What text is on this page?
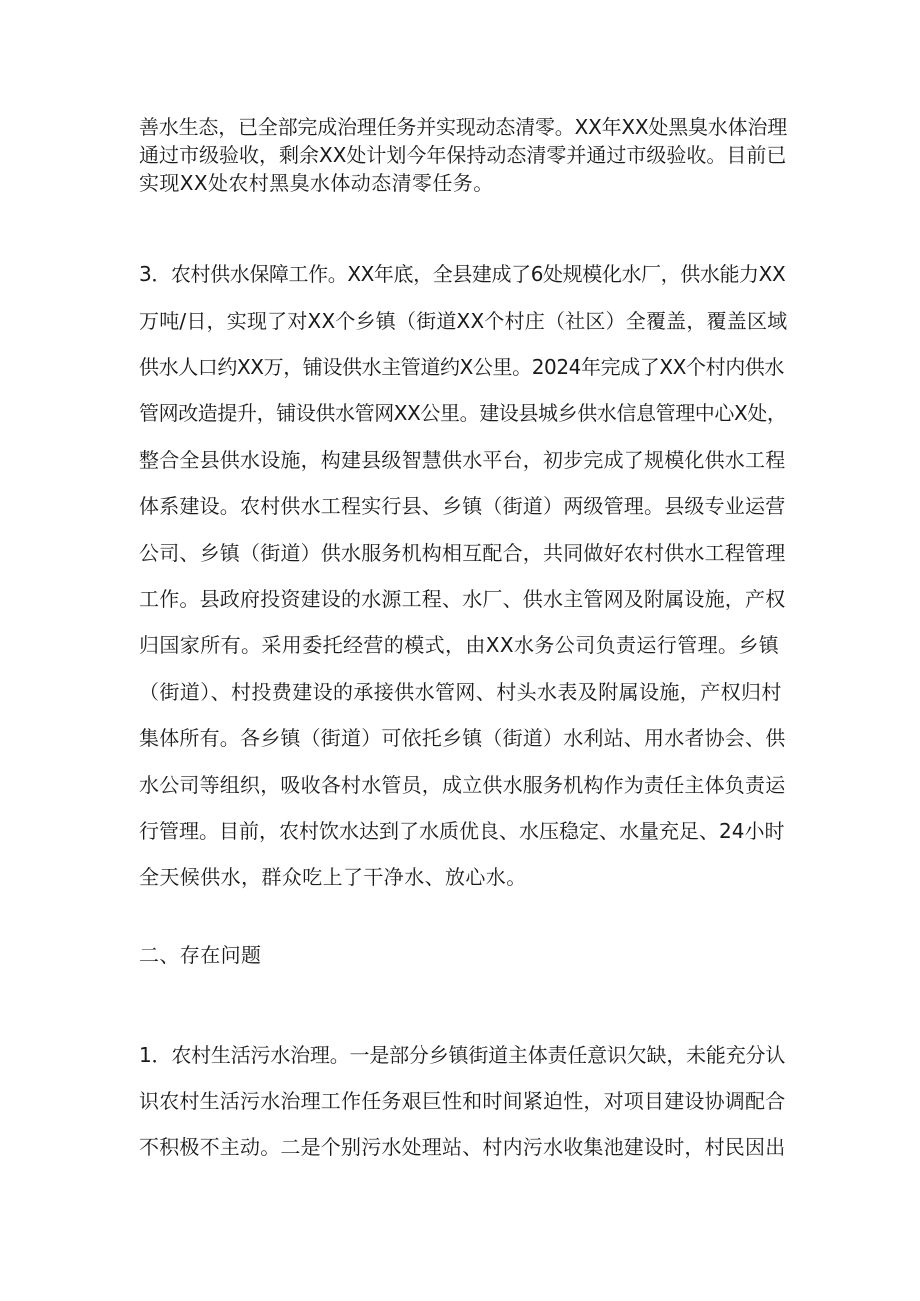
善水生态，已全部完成治理任务并实现动态清零。XX年XX处黑臭水体治理
通过市级验收，剩余XX处计划今年保持动态清零并通过市级验收。目前已
实现XX处农村黑臭水体动态清零任务。
3．农村供水保障工作。XX年底，全县建成了6处规模化水厂，供水能力XX
万吨/日，实现了对XX个乡镇（街道XX个村庄（社区）全覆盖，覆盖区域
供水人口约XX万，铺设供水主管道约X公里。2024年完成了XX个村内供水
管网改造提升，铺设供水管网XX公里。建设县城乡供水信息管理中心X处，
整合全县供水设施，构建县级智慧供水平台，初步完成了规模化供水工程
体系建设。农村供水工程实行县、乡镇（街道）两级管理。县级专业运营
公司、乡镇（街道）供水服务机构相互配合，共同做好农村供水工程管理
工作。县政府投资建设的水源工程、水厂、供水主管网及附属设施，产权
归国家所有。采用委托经营的模式，由XX水务公司负责运行管理。乡镇
（街道）、村投费建设的承接供水管网、村头水表及附属设施，产权归村
集体所有。各乡镇（街道）可依托乡镇（街道）水利站、用水者协会、供
水公司等组织，吸收各村水管员，成立供水服务机构作为责任主体负责运
行管理。目前，农村饮水达到了水质优良、水压稳定、水量充足、24小时
全天候供水，群众吃上了干净水、放心水。
二、存在问题
1．农村生活污水治理。一是部分乡镇街道主体责任意识欠缺，未能充分认
识农村生活污水治理工作任务艰巨性和时间紧迫性，对项目建设协调配合
不积极不主动。二是个别污水处理站、村内污水收集池建设时，村民因出
